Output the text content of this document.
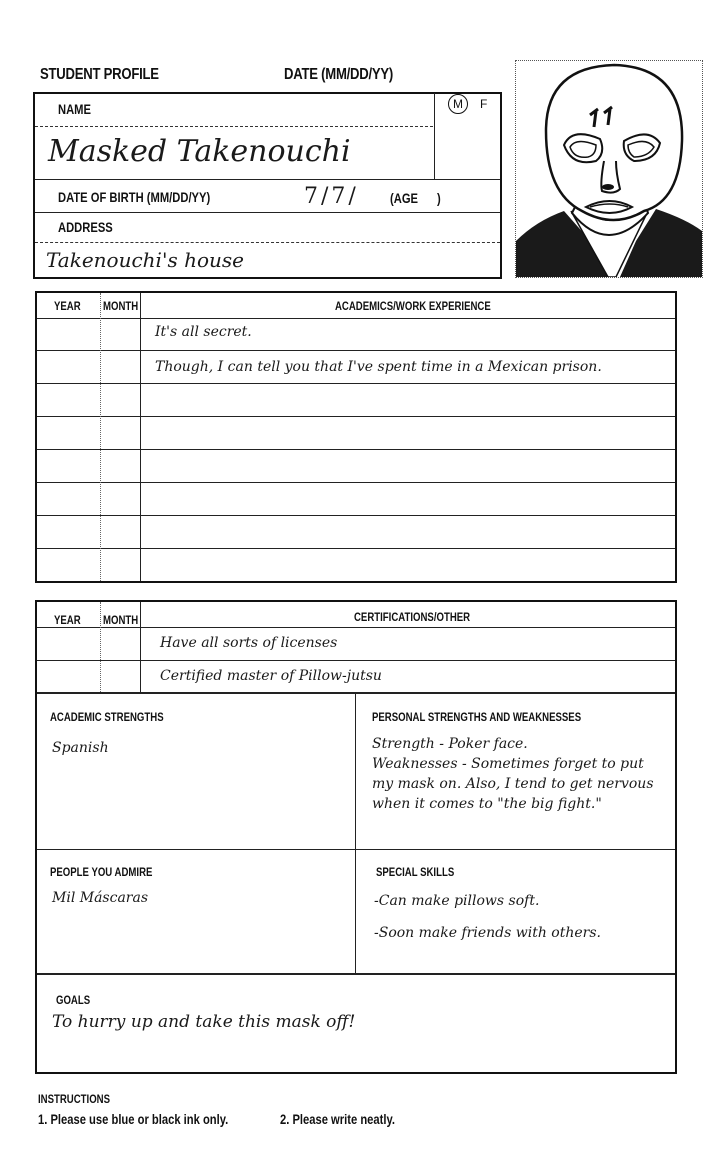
STUDENT PROFILE	DATE (MM/DD/YY)
NAME	M	F
Masked Takenouchi
DATE OF BIRTH (MM/DD/YY)	7/7/ (AGE )
ADDRESS
Takenouchi's house
YEAR MONTH	ACADEMICS/WORK EXPERIENCE
It's all secret.
Though, I can tell you that I've spent time in a Mexican prison.
YEAR MONTH	CERTIFICATIONS/OTHER
Have all sorts of licenses
Certified master of Pillow-jutsu
ACADEMIC STRENGTHS
Spanish
PERSONAL STRENGTHS AND WEAKNESSES
Strength - Poker face.
Weaknesses - Sometimes forget to put
my mask on. Also, I tend to get nervous
when it comes to "the big fight."
PEOPLE YOU ADMIRE
Mil Máscaras
SPECIAL SKILLS
-Can make pillows soft.
-Soon make friends with others.
GOALS
To hurry up and take this mask off!
INSTRUCTIONS
1. Please use blue or black ink only.	2. Please write neatly.
